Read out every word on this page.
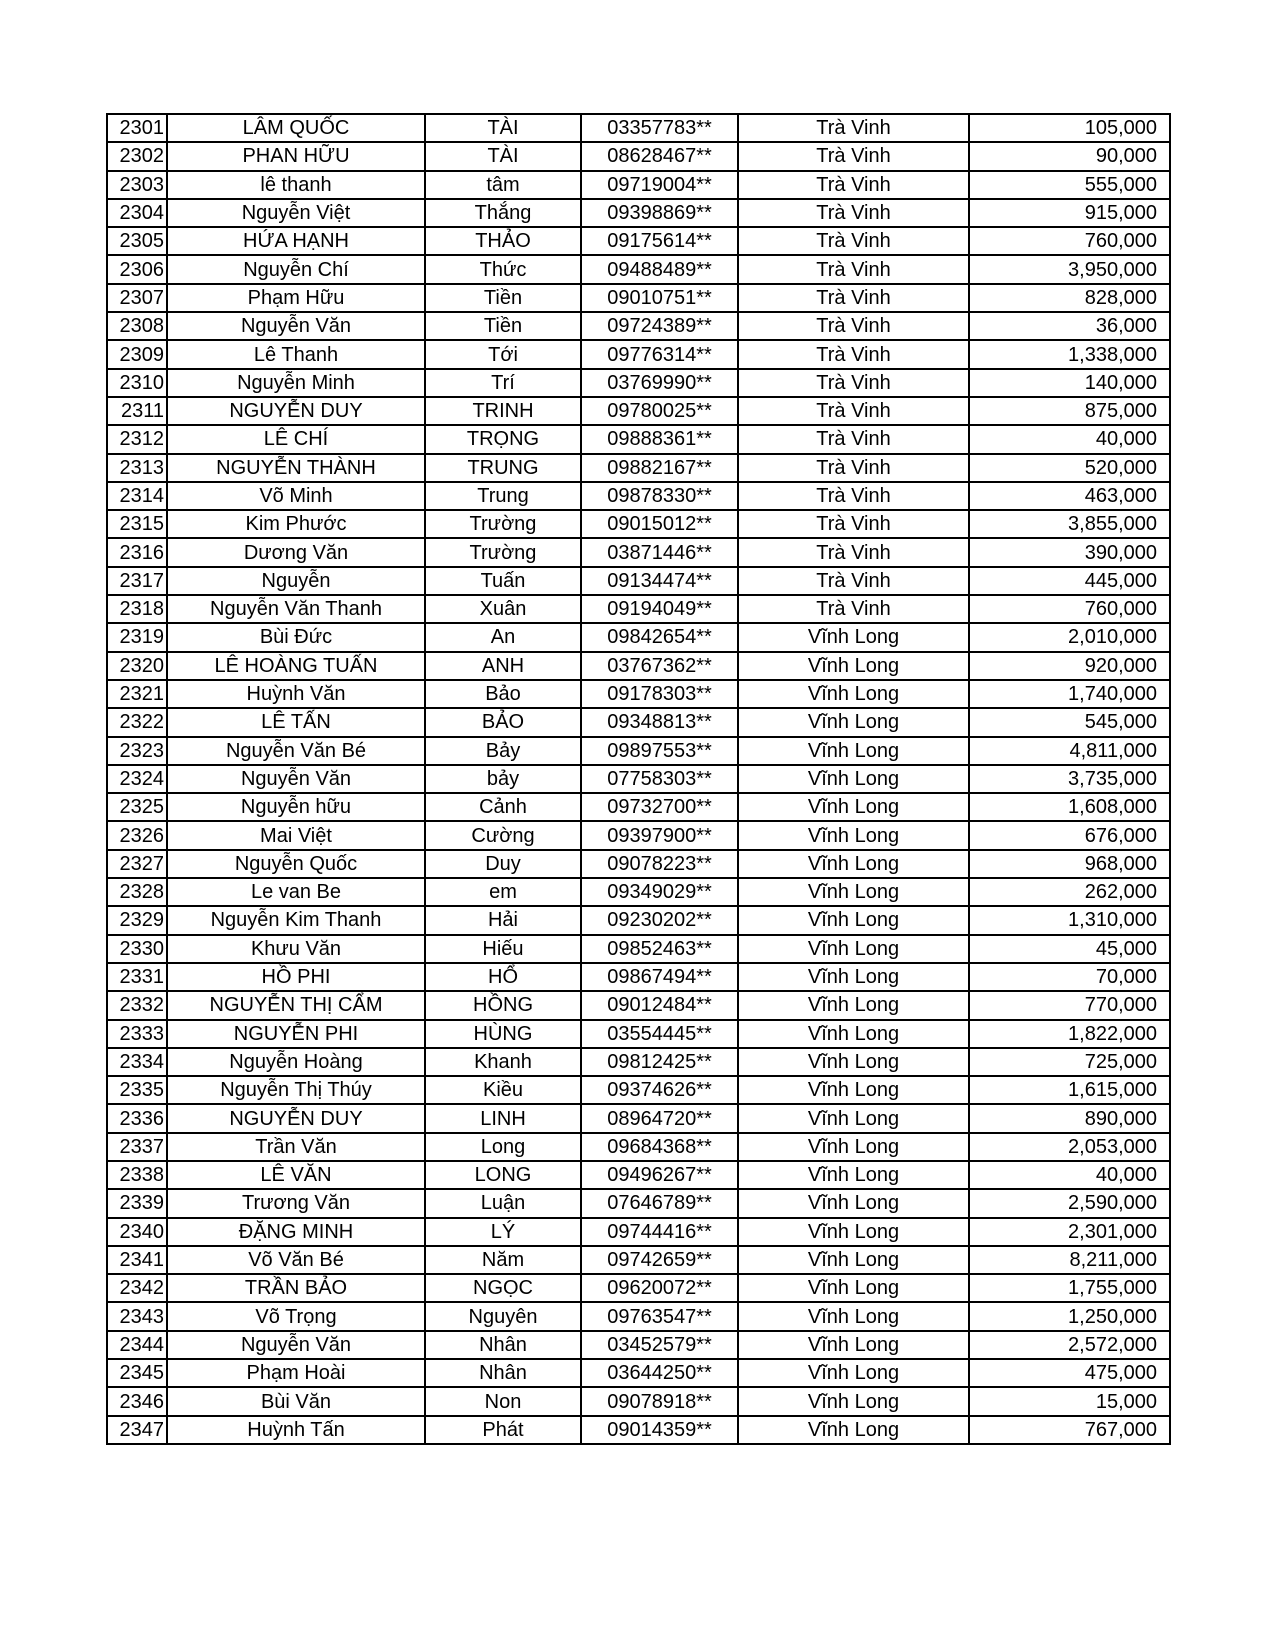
2301	LÂM QUỐC	TÀI	03357783**	Trà Vinh	105,000
2302	PHAN HỮU	TÀI	08628467**	Trà Vinh	90,000
2303	lê thanh	tâm	09719004**	Trà Vinh	555,000
2304	Nguyễn Việt	Thắng	09398869**	Trà Vinh	915,000
2305	HỨA HẠNH	THẢO	09175614**	Trà Vinh	760,000
2306	Nguyễn Chí	Thức	09488489**	Trà Vinh	3,950,000
2307	Phạm Hữu	Tiền	09010751**	Trà Vinh	828,000
2308	Nguyễn Văn	Tiền	09724389**	Trà Vinh	36,000
2309	Lê Thanh	Tới	09776314**	Trà Vinh	1,338,000
2310	Nguyễn Minh	Trí	03769990**	Trà Vinh	140,000
2311	NGUYỄN DUY	TRINH	09780025**	Trà Vinh	875,000
2312	LÊ CHÍ	TRỌNG	09888361**	Trà Vinh	40,000
2313	NGUYỄN THÀNH	TRUNG	09882167**	Trà Vinh	520,000
2314	Võ Minh	Trung	09878330**	Trà Vinh	463,000
2315	Kim Phước	Trường	09015012**	Trà Vinh	3,855,000
2316	Dương Văn	Trường	03871446**	Trà Vinh	390,000
2317	Nguyễn	Tuấn	09134474**	Trà Vinh	445,000
2318	Nguyễn Văn Thanh	Xuân	09194049**	Trà Vinh	760,000
2319	Bùi Đức	An	09842654**	Vĩnh Long	2,010,000
2320	LÊ HOÀNG TUẤN	ANH	03767362**	Vĩnh Long	920,000
2321	Huỳnh Văn	Bảo	09178303**	Vĩnh Long	1,740,000
2322	LÊ TẤN	BẢO	09348813**	Vĩnh Long	545,000
2323	Nguyễn Văn Bé	Bảy	09897553**	Vĩnh Long	4,811,000
2324	Nguyễn Văn	bảy	07758303**	Vĩnh Long	3,735,000
2325	Nguyễn hữu	Cảnh	09732700**	Vĩnh Long	1,608,000
2326	Mai Việt	Cường	09397900**	Vĩnh Long	676,000
2327	Nguyễn Quốc	Duy	09078223**	Vĩnh Long	968,000
2328	Le van Be	em	09349029**	Vĩnh Long	262,000
2329	Nguyễn Kim Thanh	Hải	09230202**	Vĩnh Long	1,310,000
2330	Khưu Văn	Hiếu	09852463**	Vĩnh Long	45,000
2331	HỒ PHI	HỔ	09867494**	Vĩnh Long	70,000
2332	NGUYỄN THỊ CẨM	HỒNG	09012484**	Vĩnh Long	770,000
2333	NGUYỄN PHI	HÙNG	03554445**	Vĩnh Long	1,822,000
2334	Nguyễn Hoàng	Khanh	09812425**	Vĩnh Long	725,000
2335	Nguyễn Thị Thúy	Kiều	09374626**	Vĩnh Long	1,615,000
2336	NGUYỄN DUY	LINH	08964720**	Vĩnh Long	890,000
2337	Trần Văn	Long	09684368**	Vĩnh Long	2,053,000
2338	LÊ VĂN	LONG	09496267**	Vĩnh Long	40,000
2339	Trương Văn	Luận	07646789**	Vĩnh Long	2,590,000
2340	ĐẶNG MINH	LÝ	09744416**	Vĩnh Long	2,301,000
2341	Võ Văn Bé	Năm	09742659**	Vĩnh Long	8,211,000
2342	TRẦN BẢO	NGỌC	09620072**	Vĩnh Long	1,755,000
2343	Võ Trọng	Nguyên	09763547**	Vĩnh Long	1,250,000
2344	Nguyễn Văn	Nhân	03452579**	Vĩnh Long	2,572,000
2345	Phạm Hoài	Nhân	03644250**	Vĩnh Long	475,000
2346	Bùi Văn	Non	09078918**	Vĩnh Long	15,000
2347	Huỳnh Tấn	Phát	09014359**	Vĩnh Long	767,000
